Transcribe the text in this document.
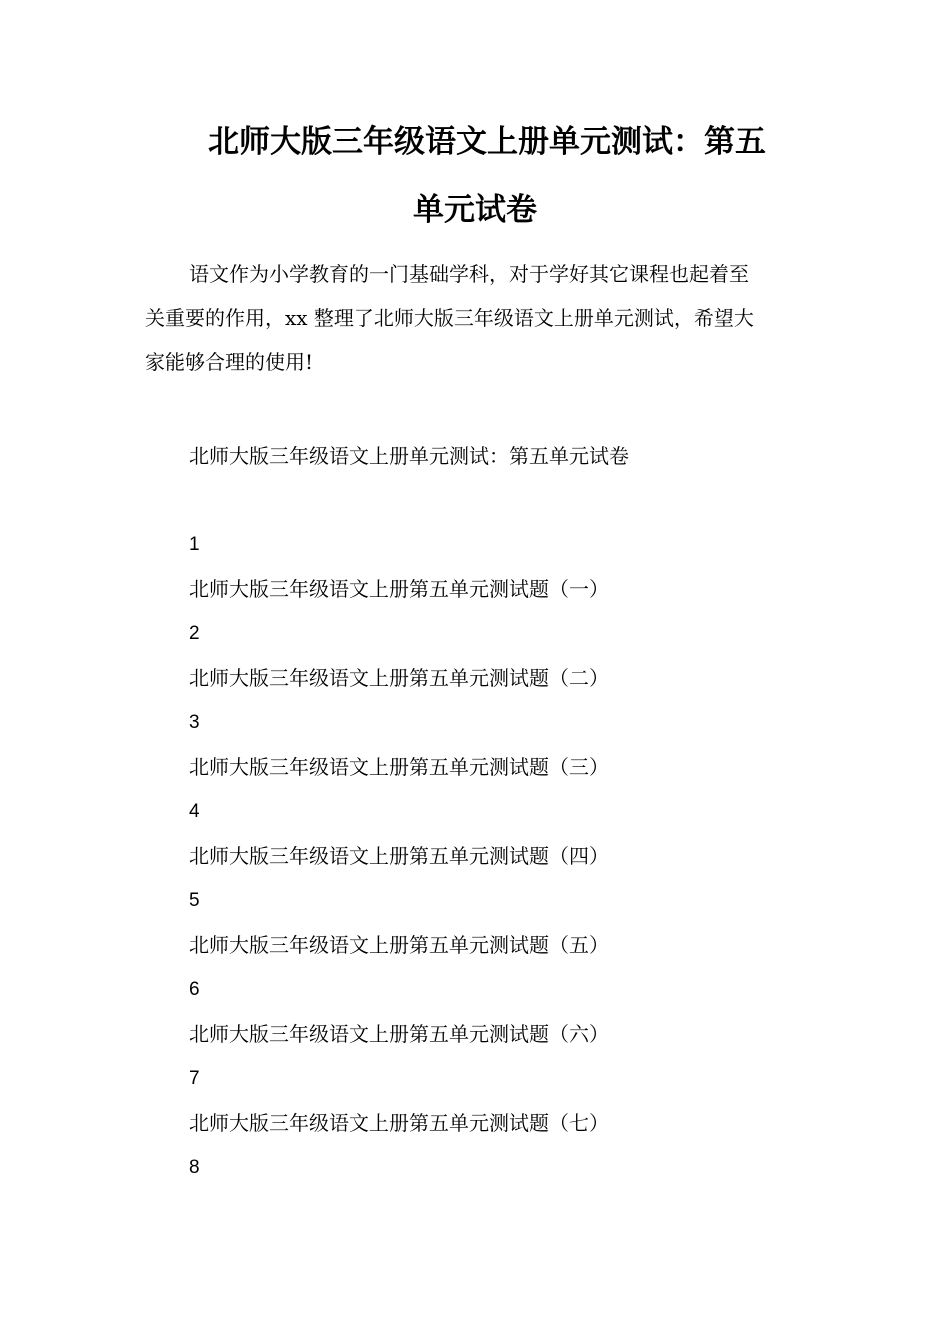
北师大版三年级语文上册单元测试：第五
单元试卷
语文作为小学教育的一门基础学科，对于学好其它课程也起着至
关重要的作用，xx 整理了北师大版三年级语文上册单元测试，希望大
家能够合理的使用!
北师大版三年级语文上册单元测试：第五单元试卷
1
北师大版三年级语文上册第五单元测试题（一）
2
北师大版三年级语文上册第五单元测试题（二）
3
北师大版三年级语文上册第五单元测试题（三）
4
北师大版三年级语文上册第五单元测试题（四）
5
北师大版三年级语文上册第五单元测试题（五）
6
北师大版三年级语文上册第五单元测试题（六）
7
北师大版三年级语文上册第五单元测试题（七）
8
